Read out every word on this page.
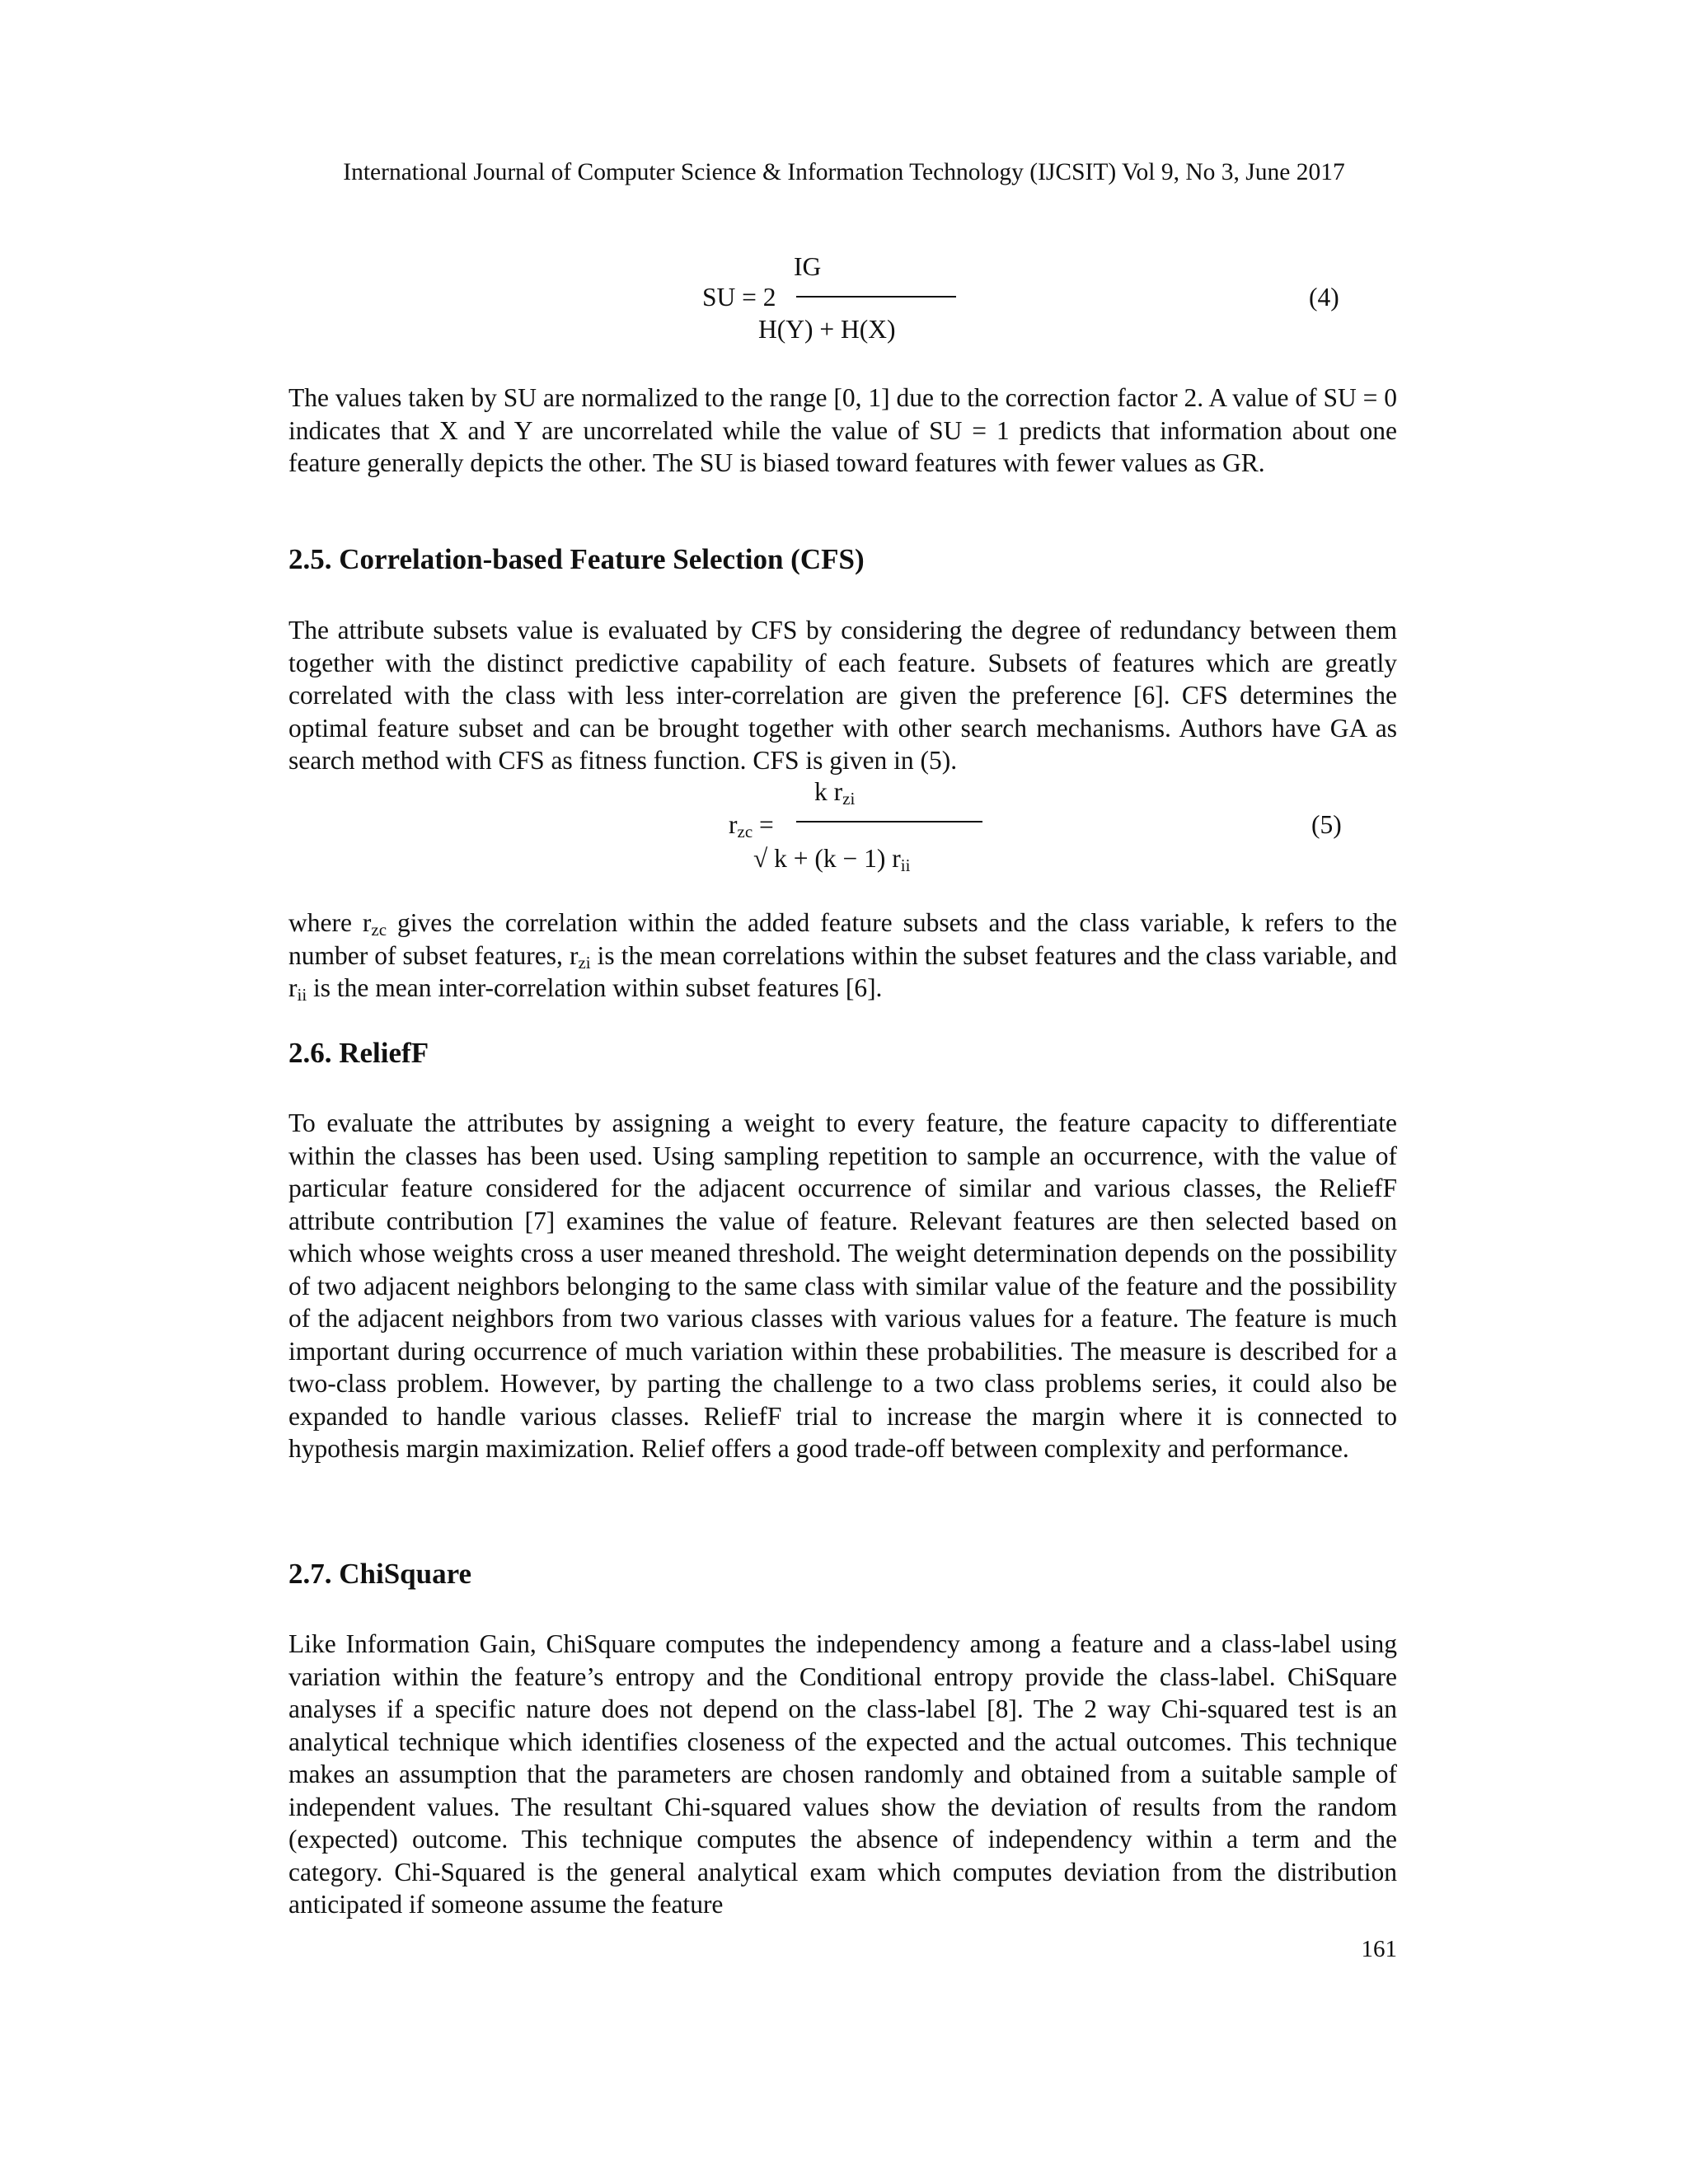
International Journal of Computer Science & Information Technology (IJCSIT) Vol 9, No 3, June 2017
IG
SU = 2
H(Y) + H(X)
(4)

The values taken by SU are normalized to the range [0, 1] due to the correction factor 2. A value of SU = 0 indicates that X and Y are uncorrelated while the value of SU = 1 predicts that information about one feature generally depicts the other. The SU is biased toward features with fewer values as GR.

2.5. Correlation-based Feature Selection (CFS)

The attribute subsets value is evaluated by CFS by considering the degree of redundancy between them together with the distinct predictive capability of each feature. Subsets of features which are greatly correlated with the class with less inter-correlation are given the preference [6]. CFS determines the optimal feature subset and can be brought together with other search mechanisms. Authors have GA as search method with CFS as fitness function. CFS is given in (5).

k $r_{zi}$
$r_{zc}$ =
√ k + (k − 1) $r_{ii}$
(5)

where $r_{zc}$ gives the correlation within the added feature subsets and the class variable, k refers to the number of subset features, $r_{zi}$ is the mean correlations within the subset features and the class variable, and $r_{ii}$ is the mean inter-correlation within subset features [6].

2.6. ReliefF

To evaluate the attributes by assigning a weight to every feature, the feature capacity to differentiate within the classes has been used. Using sampling repetition to sample an occurrence, with the value of particular feature considered for the adjacent occurrence of similar and various classes, the ReliefF attribute contribution [7] examines the value of feature. Relevant features are then selected based on which whose weights cross a user meaned threshold. The weight determination depends on the possibility of two adjacent neighbors belonging to the same class with similar value of the feature and the possibility of the adjacent neighbors from two various classes with various values for a feature. The feature is much important during occurrence of much variation within these probabilities. The measure is described for a two-class problem. However, by parting the challenge to a two class problems series, it could also be expanded to handle various classes. ReliefF trial to increase the margin where it is connected to hypothesis margin maximization. Relief offers a good trade-off between complexity and performance.

2.7. ChiSquare

Like Information Gain, ChiSquare computes the independency among a feature and a class-label using variation within the feature’s entropy and the Conditional entropy provide the class-label. ChiSquare analyses if a specific nature does not depend on the class-label [8]. The 2 way Chi-squared test is an analytical technique which identifies closeness of the expected and the actual outcomes. This technique makes an assumption that the parameters are chosen randomly and obtained from a suitable sample of independent values. The resultant Chi-squared values show the deviation of results from the random (expected) outcome. This technique computes the absence of independency within a term and the category. Chi-Squared is the general analytical exam which computes deviation from the distribution anticipated if someone assume the feature

161
